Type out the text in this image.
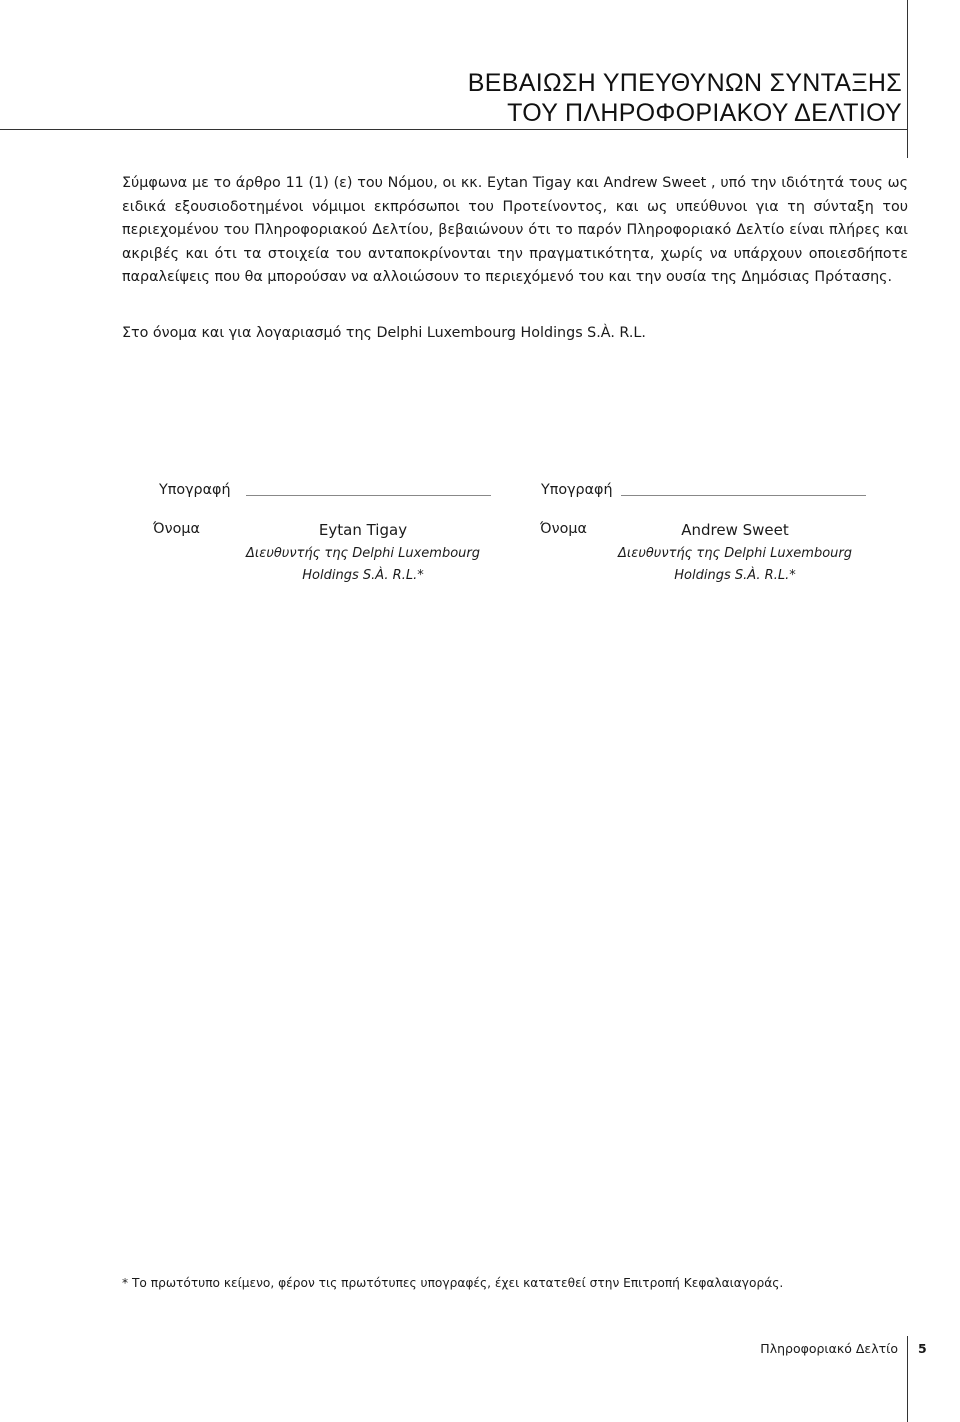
ΒΕΒΑΙΩΣΗ ΥΠΕΥΘΥΝΩΝ ΣΥΝΤΑΞΗΣ
ΤΟΥ ΠΛΗΡΟΦΟΡΙΑΚΟΥ ΔΕΛΤΙΟΥ

Σύμφωνα με το άρθρο 11 (1) (ε) του Νόμου, οι κκ. Eytan Tigay και Andrew Sweet , υπό την ιδιότητά τους ως ειδικά εξουσιοδοτημένοι νόμιμοι εκπρόσωποι του Προτείνοντος, και ως υπεύθυνοι για τη σύνταξη του περιεχομένου του Πληροφοριακού Δελτίου, βεβαιώνουν ότι το παρόν Πληροφοριακό Δελτίο είναι πλήρες και ακριβές και ότι τα στοιχεία του ανταποκρίνονται την πραγματικότητα, χωρίς να υπάρχουν οποιεσδήποτε παραλείψεις που θα μπορούσαν να αλλοιώσουν το περιεχόμενό του και την ουσία της Δημόσιας Πρότασης.

Στο όνομα και για λογαριασμό της Delphi Luxembourg Holdings S.À. R.L.

Υπογραφή
Όνομα	Eytan Tigay
Διευθυντής της Delphi Luxembourg
Holdings S.À. R.L.*
Υπογραφή
Όνομα	Andrew Sweet
Διευθυντής της Delphi Luxembourg
Holdings S.À. R.L.*

* Το πρωτότυπο κείμενο, φέρον τις πρωτότυπες υπογραφές, έχει κατατεθεί στην Επιτροπή Κεφαλαιαγοράς.

Πληροφοριακό Δελτίο 5
